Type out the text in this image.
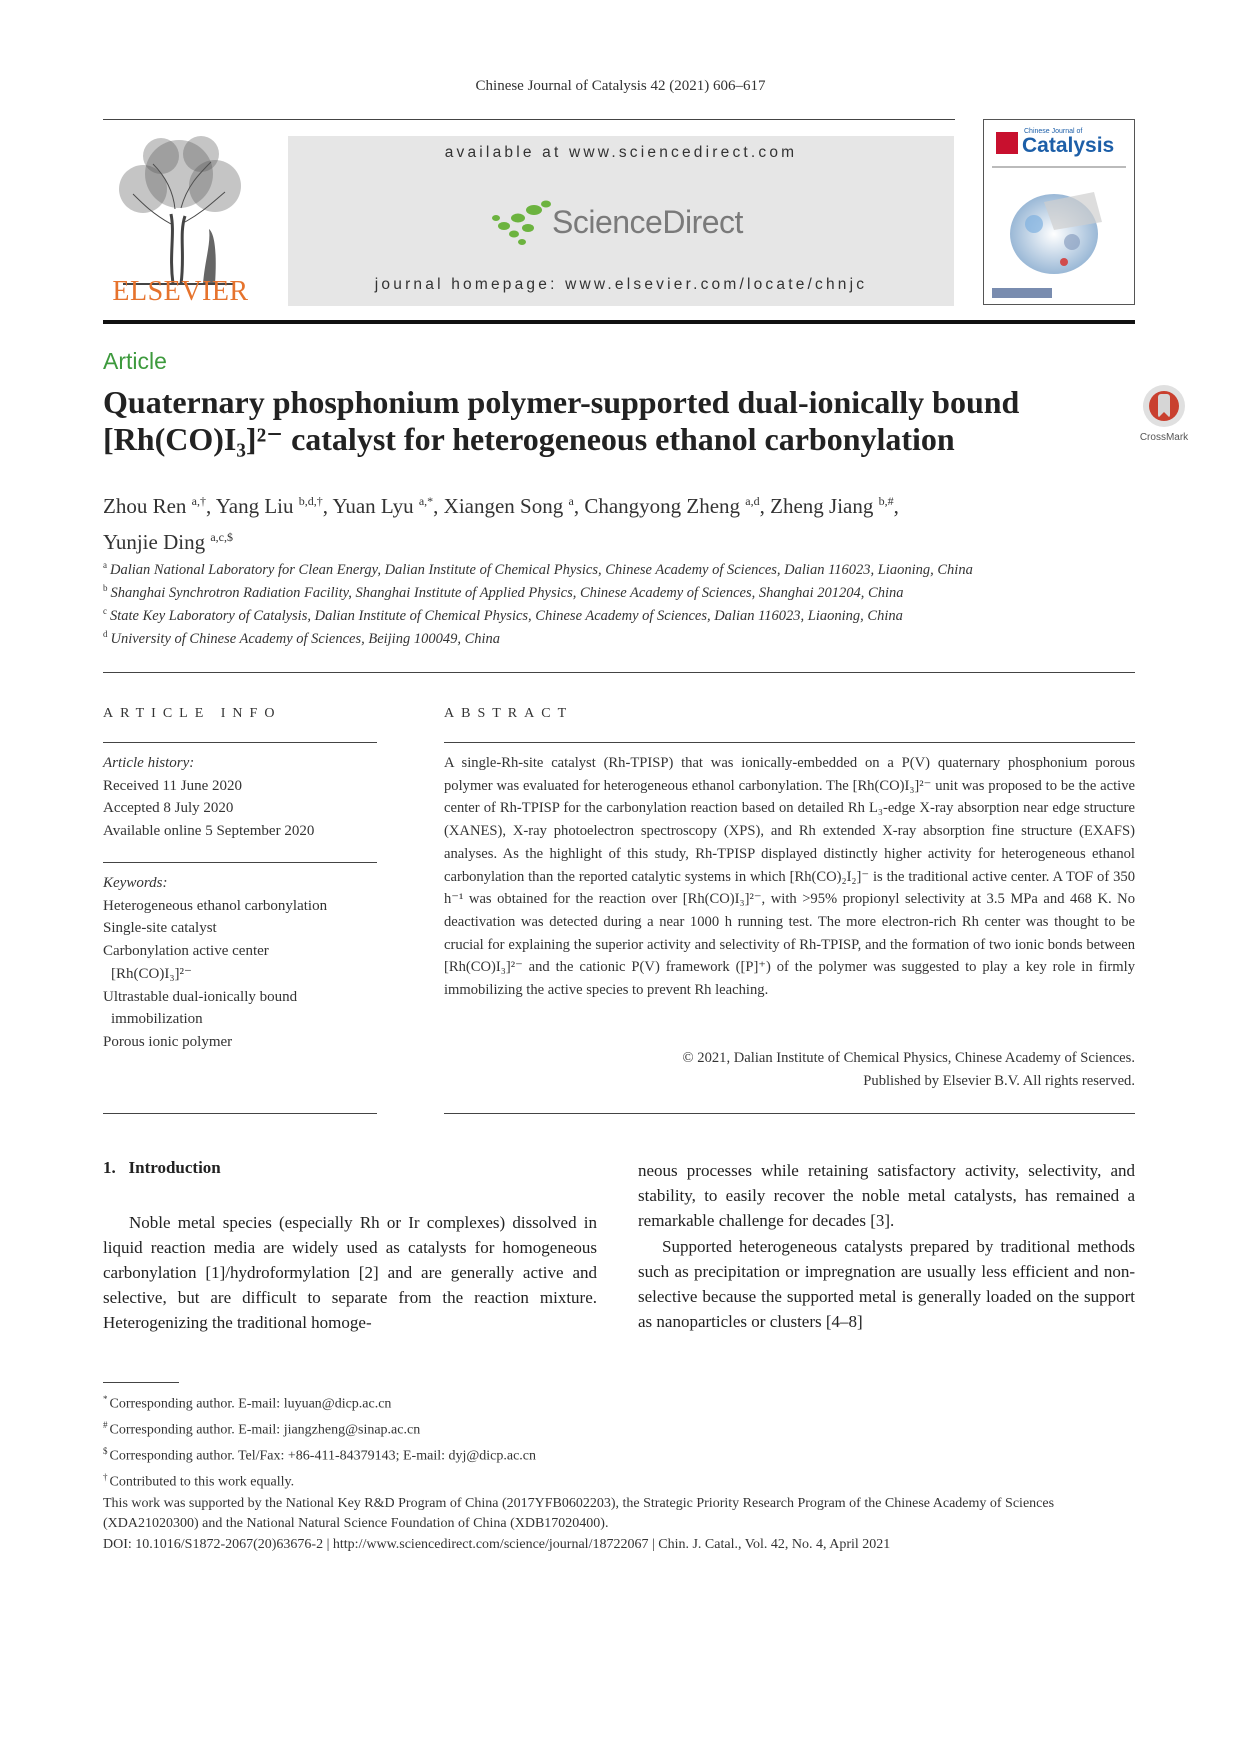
Chinese Journal of Catalysis 42 (2021) 606–617
ELSEVIER
available at www.sciencedirect.com
ScienceDirect
journal homepage: www.elsevier.com/locate/chnjc
Chinese Journal of
Catalysis
Article
Quaternary phosphonium polymer-supported dual-ionically bound
[Rh(CO)I₃]²⁻ catalyst for heterogeneous ethanol carbonylation	CrossMark
Zhou Ren $^{a,\dagger}$, Yang Liu $^{b,d,\dagger}$, Yuan Lyu $^{a,*}$, Xiangen Song $^a$, Changyong Zheng $^{a,d}$, Zheng Jiang $^{b,\#}$,
Yunjie Ding $^{a,c,\$}$
$^a$ Dalian National Laboratory for Clean Energy, Dalian Institute of Chemical Physics, Chinese Academy of Sciences, Dalian 116023, Liaoning, China
$^b$ Shanghai Synchrotron Radiation Facility, Shanghai Institute of Applied Physics, Chinese Academy of Sciences, Shanghai 201204, China
$^c$ State Key Laboratory of Catalysis, Dalian Institute of Chemical Physics, Chinese Academy of Sciences, Dalian 116023, Liaoning, China
$^d$ University of Chinese Academy of Sciences, Beijing 100049, China
ARTICLE INFO	ABSTRACT
Article history:
Received 11 June 2020
Accepted 8 July 2020
Available online 5 September 2020
Keywords:
Heterogeneous ethanol carbonylation
Single-site catalyst
Carbonylation active center
[Rh(CO)I₃]²⁻
Ultrastable dual-ionically bound
immobilization
Porous ionic polymer
A single-Rh-site catalyst (Rh-TPISP) that was ionically-embedded on a P(V) quaternary phosphonium porous polymer was evaluated for heterogeneous ethanol carbonylation. The [Rh(CO)I₃]²⁻ unit was proposed to be the active center of Rh-TPISP for the carbonylation reaction based on detailed Rh L₃-edge X-ray absorption near edge structure (XANES), X-ray photoelectron spectroscopy (XPS), and Rh extended X-ray absorption fine structure (EXAFS) analyses. As the highlight of this study, Rh-TPISP displayed distinctly higher activity for heterogeneous ethanol carbonylation than the reported catalytic systems in which [Rh(CO)₂I₂]⁻ is the traditional active center. A TOF of 350 h⁻¹ was obtained for the reaction over [Rh(CO)I₃]²⁻, with >95% propionyl selectivity at 3.5 MPa and 468 K. No deactivation was detected during a near 1000 h running test. The more electron-rich Rh center was thought to be crucial for explaining the superior activity and selectivity of Rh-TPISP, and the formation of two ionic bonds between [Rh(CO)I₃]²⁻ and the cationic P(V) framework ([P]⁺) of the polymer was suggested to play a key role in firmly immobilizing the active species to prevent Rh leaching.
© 2021, Dalian Institute of Chemical Physics, Chinese Academy of Sciences.
Published by Elsevier B.V. All rights reserved.
1.   Introduction
Noble metal species (especially Rh or Ir complexes) dissolved in liquid reaction media are widely used as catalysts for homogeneous carbonylation [1]/hydroformylation [2] and are generally active and selective, but are difficult to separate from the reaction mixture. Heterogenizing the traditional homoge-
neous processes while retaining satisfactory activity, selectivity, and stability, to easily recover the noble metal catalysts, has remained a remarkable challenge for decades [3].
Supported heterogeneous catalysts prepared by traditional methods such as precipitation or impregnation are usually less efficient and non-selective because the supported metal is generally loaded on the support as nanoparticles or clusters [4–8]
* Corresponding author. E-mail: luyuan@dicp.ac.cn
# Corresponding author. E-mail: jiangzheng@sinap.ac.cn
$ Corresponding author. Tel/Fax: +86-411-84379143; E-mail: dyj@dicp.ac.cn
† Contributed to this work equally.
This work was supported by the National Key R&D Program of China (2017YFB0602203), the Strategic Priority Research Program of the Chinese Academy of Sciences (XDA21020300) and the National Natural Science Foundation of China (XDB17020400).
DOI: 10.1016/S1872-2067(20)63676-2 | http://www.sciencedirect.com/science/journal/18722067 | Chin. J. Catal., Vol. 42, No. 4, April 2021
